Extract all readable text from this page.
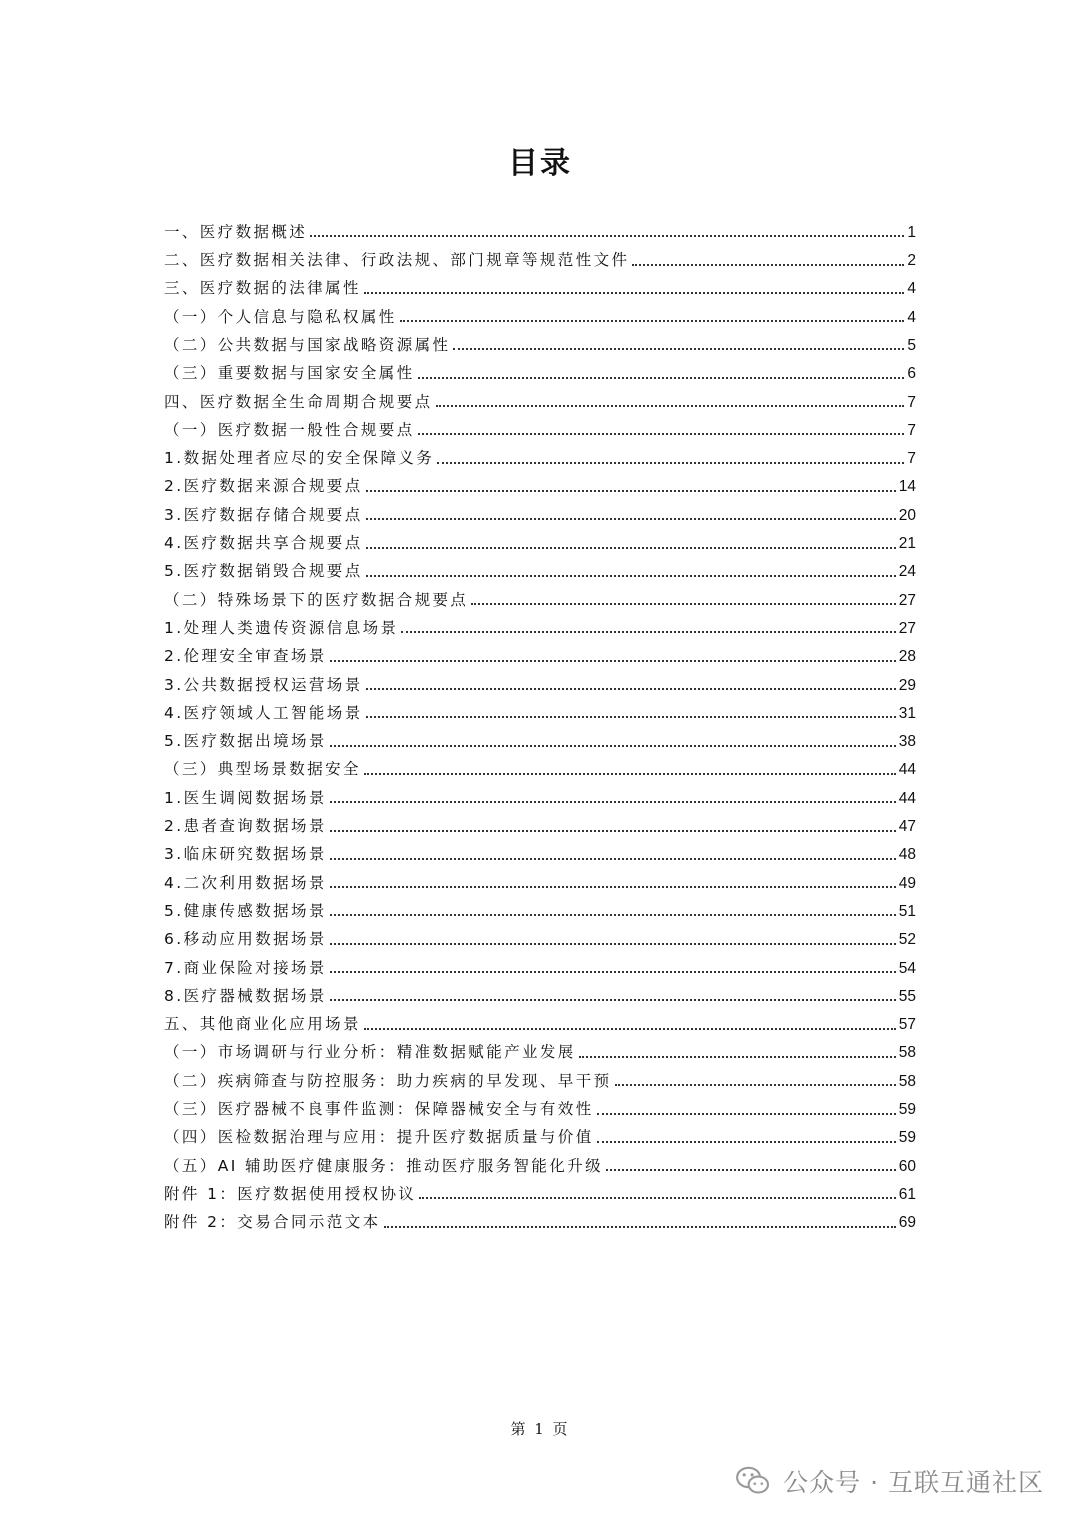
目录
一、医疗数据概述	1
二、医疗数据相关法律、行政法规、部门规章等规范性文件	2
三、医疗数据的法律属性	4
（一）个人信息与隐私权属性	4
（二）公共数据与国家战略资源属性	5
（三）重要数据与国家安全属性	6
四、医疗数据全生命周期合规要点	7
（一）医疗数据一般性合规要点	7
1.数据处理者应尽的安全保障义务	7
2.医疗数据来源合规要点	14
3.医疗数据存储合规要点	20
4.医疗数据共享合规要点	21
5.医疗数据销毁合规要点	24
（二）特殊场景下的医疗数据合规要点	27
1.处理人类遗传资源信息场景	27
2.伦理安全审查场景	28
3.公共数据授权运营场景	29
4.医疗领域人工智能场景	31
5.医疗数据出境场景	38
（三）典型场景数据安全	44
1.医生调阅数据场景	44
2.患者查询数据场景	47
3.临床研究数据场景	48
4.二次利用数据场景	49
5.健康传感数据场景	51
6.移动应用数据场景	52
7.商业保险对接场景	54
8.医疗器械数据场景	55
五、其他商业化应用场景	57
（一）市场调研与行业分析：精准数据赋能产业发展	58
（二）疾病筛查与防控服务：助力疾病的早发现、早干预	58
（三）医疗器械不良事件监测：保障器械安全与有效性	59
（四）医检数据治理与应用：提升医疗数据质量与价值	59
（五）AI 辅助医疗健康服务：推动医疗服务智能化升级	60
附件 1：医疗数据使用授权协议	61
附件 2：交易合同示范文本	69
第 1 页
公众号 · 互联互通社区
